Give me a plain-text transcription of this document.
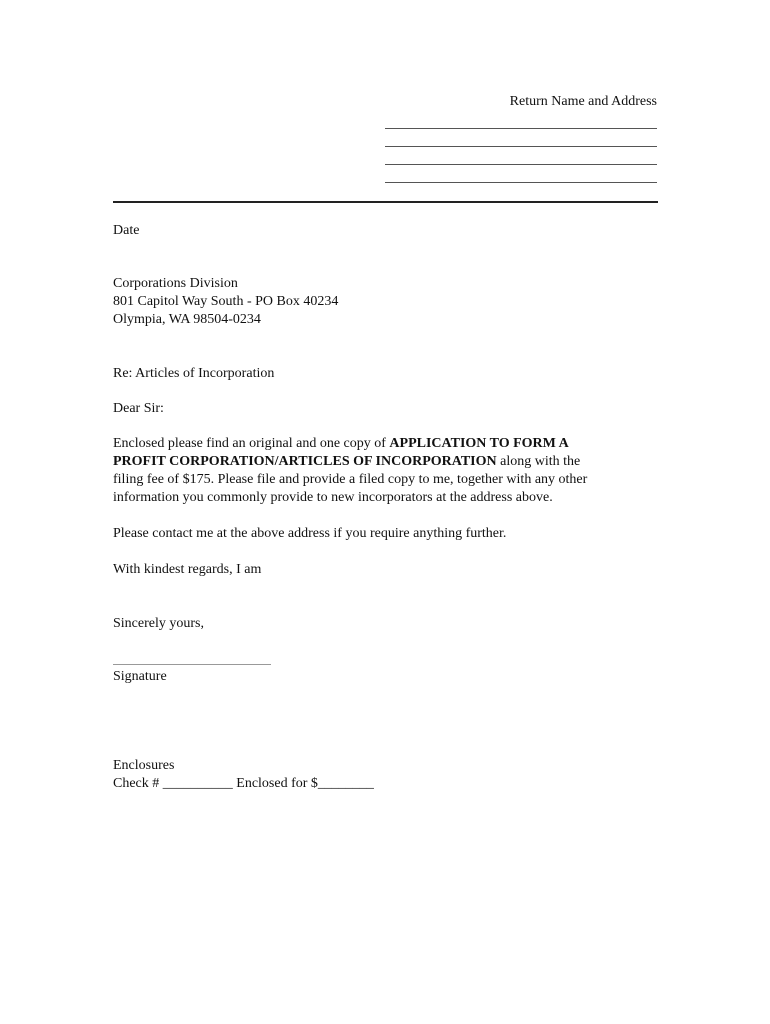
Return Name and Address
Date
Corporations Division
801 Capitol Way South - PO Box 40234
Olympia, WA 98504-0234
Re: Articles of Incorporation
Dear Sir:
Enclosed please find an original and one copy of APPLICATION TO FORM A
PROFIT CORPORATION/ARTICLES OF INCORPORATION along with the
filing fee of $175. Please file and provide a filed copy to me, together with any other
information you commonly provide to new incorporators at the address above.
Please contact me at the above address if you require anything further.
With kindest regards, I am
Sincerely yours,
Signature
Enclosures
Check # __________ Enclosed for $________
